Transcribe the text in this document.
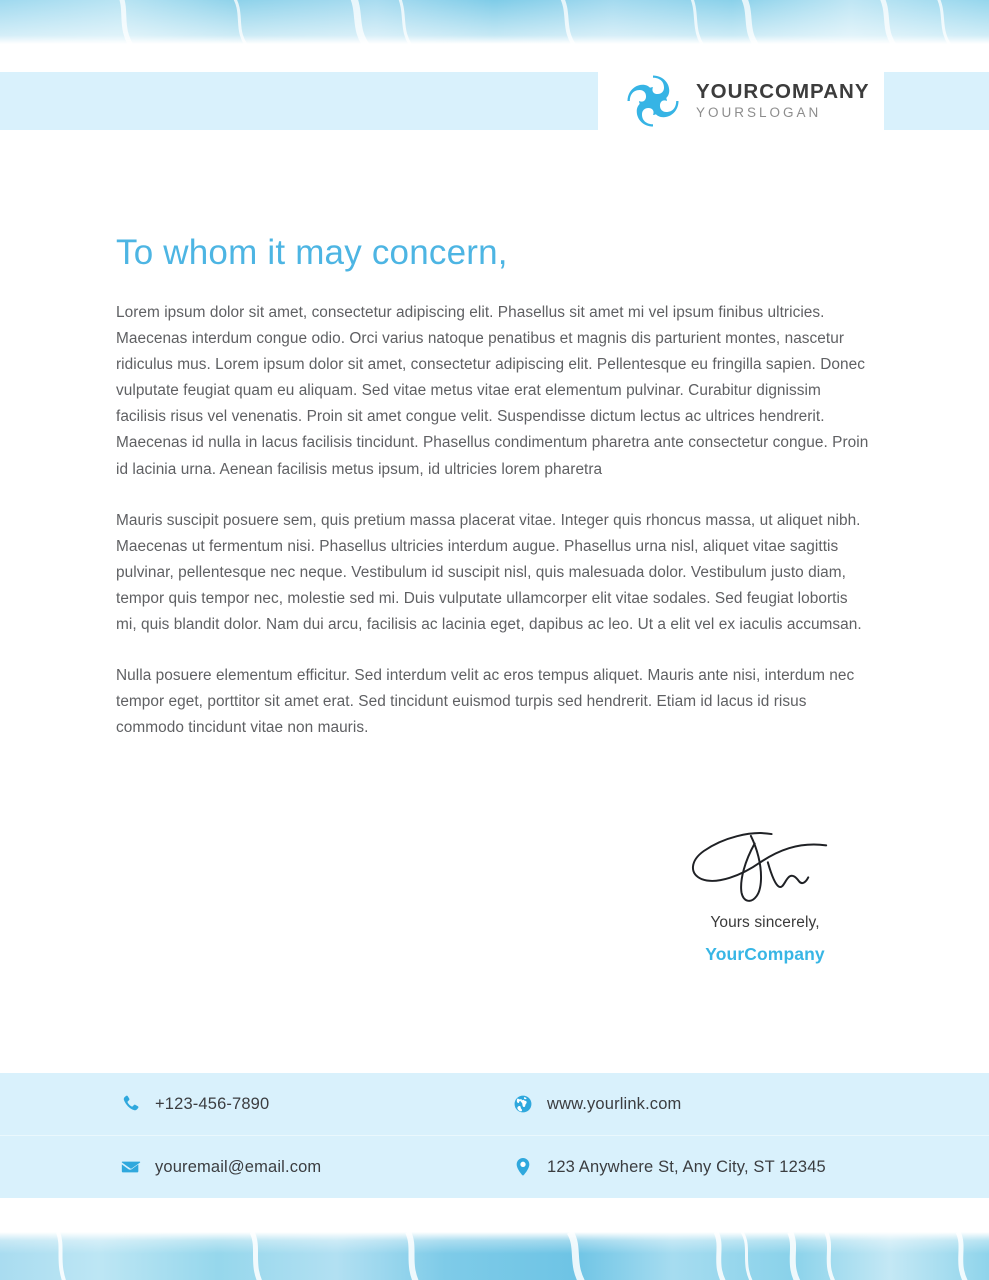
YOURCOMPANY
YOURSLOGAN
To whom it may concern,

Lorem ipsum dolor sit amet, consectetur adipiscing elit. Phasellus sit amet mi vel ipsum finibus ultricies. Maecenas interdum congue odio. Orci varius natoque penatibus et magnis dis parturient montes, nascetur ridiculus mus. Lorem ipsum dolor sit amet, consectetur adipiscing elit. Pellentesque eu fringilla sapien. Donec vulputate feugiat quam eu aliquam. Sed vitae metus vitae erat elementum pulvinar. Curabitur dignissim facilisis risus vel venenatis. Proin sit amet congue velit. Suspendisse dictum lectus ac ultrices hendrerit. Maecenas id nulla in lacus facilisis tincidunt. Phasellus condimentum pharetra ante consectetur congue. Proin id lacinia urna. Aenean facilisis metus ipsum, id ultricies lorem pharetra

Mauris suscipit posuere sem, quis pretium massa placerat vitae. Integer quis rhoncus massa, ut aliquet nibh. Maecenas ut fermentum nisi. Phasellus ultricies interdum augue. Phasellus urna nisl, aliquet vitae sagittis pulvinar, pellentesque nec neque. Vestibulum id suscipit nisl, quis malesuada dolor. Vestibulum justo diam, tempor quis tempor nec, molestie sed mi. Duis vulputate ullamcorper elit vitae sodales. Sed feugiat lobortis mi, quis blandit dolor. Nam dui arcu, facilisis ac lacinia eget, dapibus ac leo. Ut a elit vel ex iaculis accumsan.

Nulla posuere elementum efficitur. Sed interdum velit ac eros tempus aliquet. Mauris ante nisi, interdum nec tempor eget, porttitor sit amet erat. Sed tincidunt euismod turpis sed hendrerit. Etiam id lacus id risus commodo tincidunt vitae non mauris.

Yours sincerely,
YourCompany
+123-456-7890	www.yourlink.com
youremail@email.com	123 Anywhere St, Any City, ST 12345
